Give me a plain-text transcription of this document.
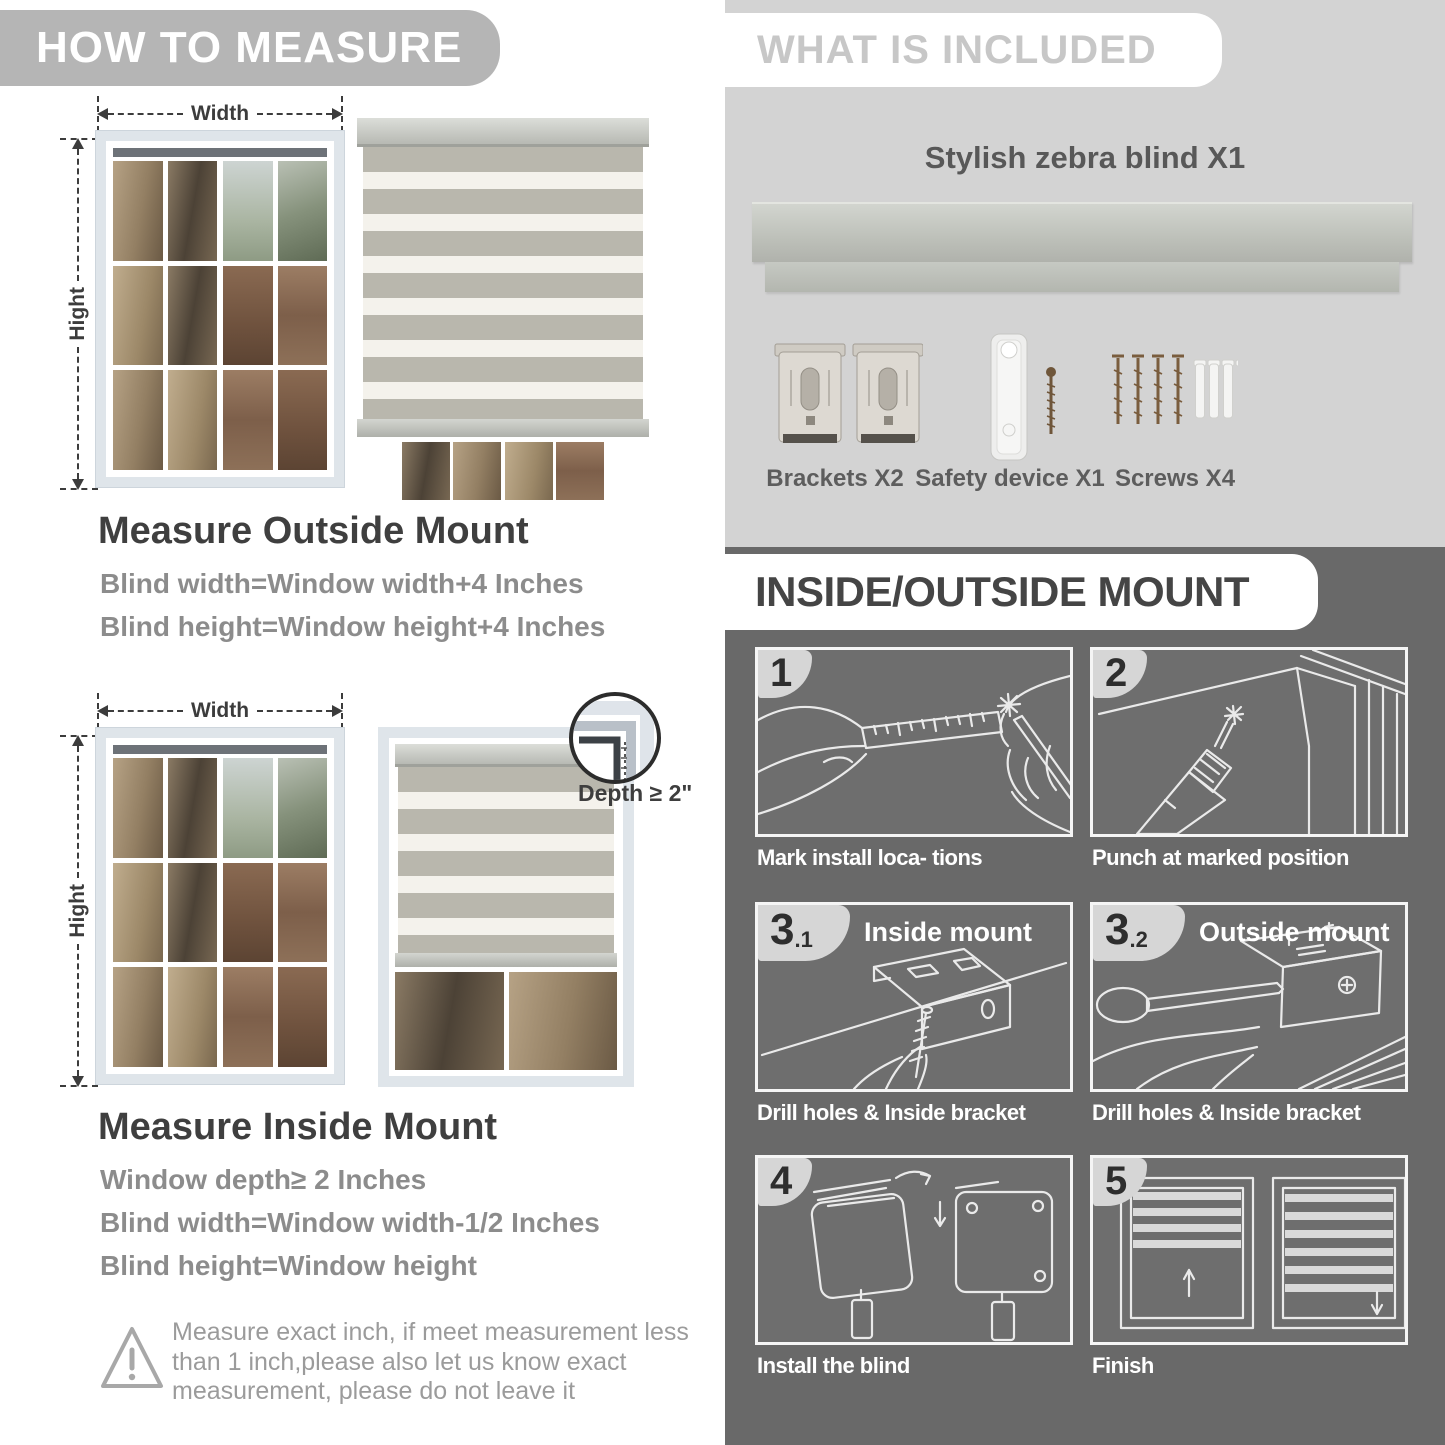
HOW TO MEASURE
Width
Hight
Measure Outside Mount
Blind width=Window width+4 Inches
Blind height=Window height+4 Inches
Width
Hight
Depth ≥ 2"
Measure Inside Mount
Window depth≥ 2 Inches
Blind width=Window width-1/2 Inches
Blind height=Window height
Measure exact inch, if meet measurement less
than 1 inch,please also let us know exact
measurement, please do not leave it
WHAT IS INCLUDED
Stylish zebra blind X1
Brackets X2 Safety device X1 Screws X4
INSIDE/OUTSIDE MOUNT
1
Mark install loca- tions
2
Punch at marked position
3 .1 Inside mount
Drill holes & Inside bracket
3 .2 Outside mount
Drill holes & Inside bracket
4
Install the blind
5
Finish
